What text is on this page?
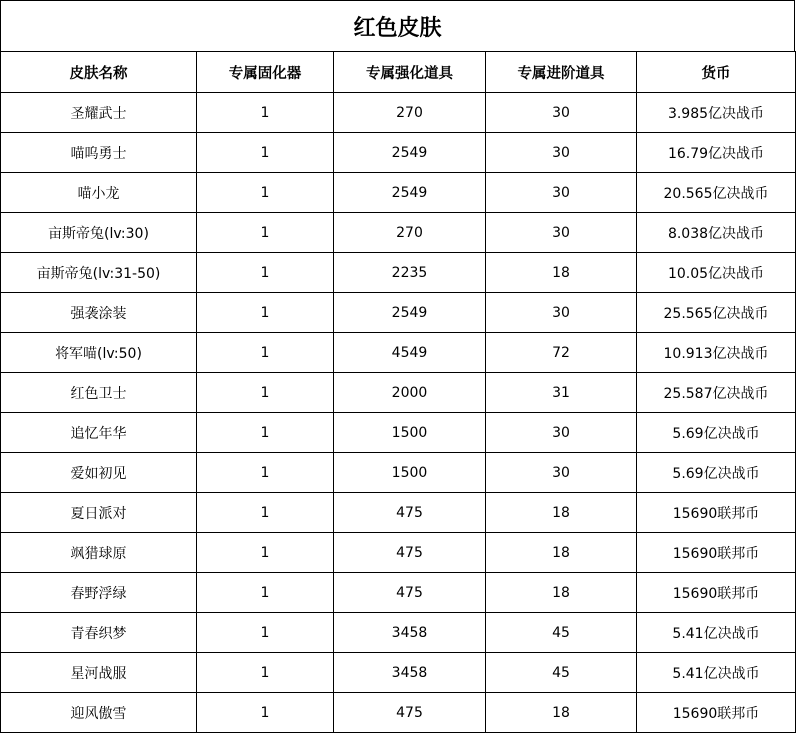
红色皮肤
皮肤名称	专属固化器	专属强化道具	专属进阶道具	货币
圣耀武士	1	270	30	3.985亿决战币
喵呜勇士	1	2549	30	16.79亿决战币
喵小龙	1	2549	30	20.565亿决战币
亩斯帝兔(lv:30)	1	270	30	8.038亿决战币
亩斯帝兔(lv:31-50)	1	2235	18	10.05亿决战币
强袭涂装	1	2549	30	25.565亿决战币
将军喵(lv:50)	1	4549	72	10.913亿决战币
红色卫士	1	2000	31	25.587亿决战币
追忆年华	1	1500	30	5.69亿决战币
爱如初见	1	1500	30	5.69亿决战币
夏日派对	1	475	18	15690联邦币
飒猎球原	1	475	18	15690联邦币
春野浮绿	1	475	18	15690联邦币
青春织梦	1	3458	45	5.41亿决战币
星河战服	1	3458	45	5.41亿决战币
迎风傲雪	1	475	18	15690联邦币
